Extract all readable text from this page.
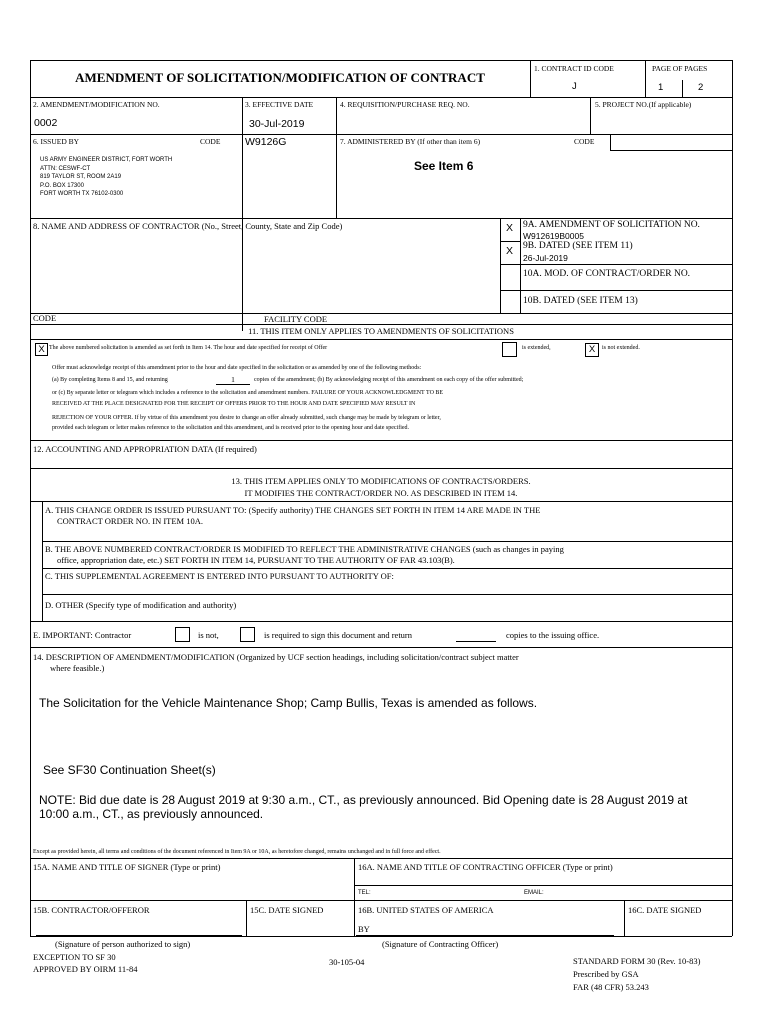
AMENDMENT OF SOLICITATION/MODIFICATION OF CONTRACT
1. CONTRACT ID CODE
J
PAGE OF PAGES
1	2
2. AMENDMENT/MODIFICATION NO.
0002
3. EFFECTIVE DATE
30-Jul-2019
4. REQUISITION/PURCHASE REQ. NO.	5. PROJECT NO.(If applicable)
6. ISSUED BY	CODE W9126G	7. ADMINISTERED BY (If other than item 6)	CODE
US ARMY ENGINEER DISTRICT, FORT WORTH
ATTN: CESWF-CT
819 TAYLOR ST, ROOM 2A19
P.O. BOX 17300
FORT WORTH TX 76102-0300
See Item 6
8. NAME AND ADDRESS OF CONTRACTOR (No., Street, County, State and Zip Code)	X
X
9A. AMENDMENT OF SOLICITATION NO.
W912619B0005
9B. DATED (SEE ITEM 11)
26-Jul-2019
10A. MOD. OF CONTRACT/ORDER NO.
10B. DATED (SEE ITEM 13)
CODE	FACILITY CODE
11. THIS ITEM ONLY APPLIES TO AMENDMENTS OF SOLICITATIONS
X The above numbered solicitation is amended as set forth in Item 14. The hour and date specified for receipt of Offer	is extended,	X	is not extended.
Offer must acknowledge receipt of this amendment prior to the hour and date specified in the solicitation or as amended by one of the following methods:
(a) By completing Items 8 and 15, and returning	1	copies of the amendment; (b) By acknowledging receipt of this amendment on each copy of the offer submitted;
or (c) By separate letter or telegram which includes a reference to the solicitation and amendment numbers. FAILURE OF YOUR ACKNOWLEDGMENT TO BE
RECEIVED AT THE PLACE DESIGNATED FOR THE RECEIPT OF OFFERS PRIOR TO THE HOUR AND DATE SPECIFIED MAY RESULT IN
REJECTION OF YOUR OFFER. If by virtue of this amendment you desire to change an offer already submitted, such change may be made by telegram or letter,
provided each telegram or letter makes reference to the solicitation and this amendment, and is received prior to the opening hour and date specified.
12. ACCOUNTING AND APPROPRIATION DATA (If required)
13. THIS ITEM APPLIES ONLY TO MODIFICATIONS OF CONTRACTS/ORDERS.
IT MODIFIES THE CONTRACT/ORDER NO. AS DESCRIBED IN ITEM 14.
A. THIS CHANGE ORDER IS ISSUED PURSUANT TO: (Specify authority) THE CHANGES SET FORTH IN ITEM 14 ARE MADE IN THE
CONTRACT ORDER NO. IN ITEM 10A.
B. THE ABOVE NUMBERED CONTRACT/ORDER IS MODIFIED TO REFLECT THE ADMINISTRATIVE CHANGES (such as changes in paying
office, appropriation date, etc.) SET FORTH IN ITEM 14, PURSUANT TO THE AUTHORITY OF FAR 43.103(B).
C. THIS SUPPLEMENTAL AGREEMENT IS ENTERED INTO PURSUANT TO AUTHORITY OF:
D. OTHER (Specify type of modification and authority)
E. IMPORTANT: Contractor	is not,	is required to sign this document and return	copies to the issuing office.
14. DESCRIPTION OF AMENDMENT/MODIFICATION (Organized by UCF section headings, including solicitation/contract subject matter
where feasible.)
The Solicitation for the Vehicle Maintenance Shop; Camp Bullis, Texas is amended as follows.
See SF30 Continuation Sheet(s)
NOTE: Bid due date is 28 August 2019 at 9:30 a.m., CT., as previously announced. Bid Opening date is 28 August 2019 at
10:00 a.m., CT., as previously announced.
Except as provided herein, all terms and conditions of the document referenced in Item 9A or 10A, as heretofore changed, remains unchanged and in full force and effect.
15A. NAME AND TITLE OF SIGNER (Type or print)	16A. NAME AND TITLE OF CONTRACTING OFFICER (Type or print)
TEL:	EMAIL:
15B. CONTRACTOR/OFFEROR	15C. DATE SIGNED	16B. UNITED STATES OF AMERICA	16C. DATE SIGNED
BY
(Signature of person authorized to sign)	(Signature of Contracting Officer)
EXCEPTION TO SF 30
APPROVED BY OIRM 11-84
30-105-04	STANDARD FORM 30 (Rev. 10-83)
Prescribed by GSA
FAR (48 CFR) 53.243
